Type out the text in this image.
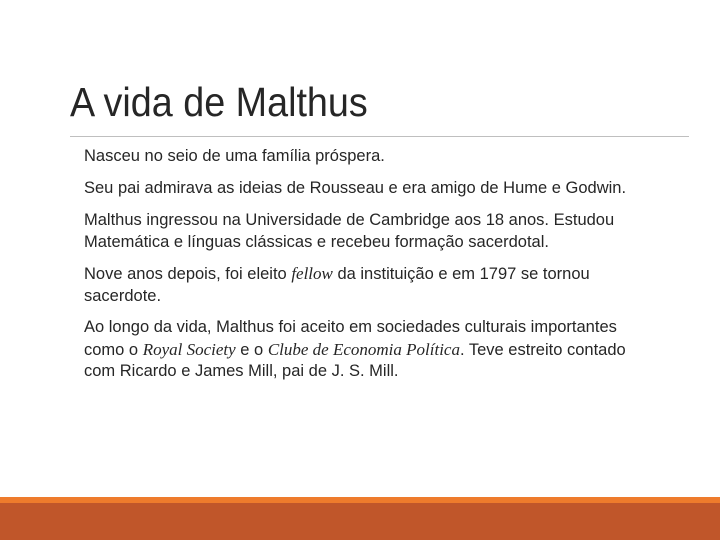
A vida de Malthus

Nasceu no seio de uma família próspera.

Seu pai admirava as ideias de Rousseau e era amigo de Hume e Godwin.

Malthus ingressou na Universidade de Cambridge aos 18 anos. Estudou Matemática e línguas clássicas e recebeu formação sacerdotal.

Nove anos depois, foi eleito fellow da instituição e em 1797 se tornou sacerdote.

Ao longo da vida, Malthus foi aceito em sociedades culturais importantes como o Royal Society e o Clube de Economia Política. Teve estreito contado com Ricardo e James Mill, pai de J. S. Mill.
